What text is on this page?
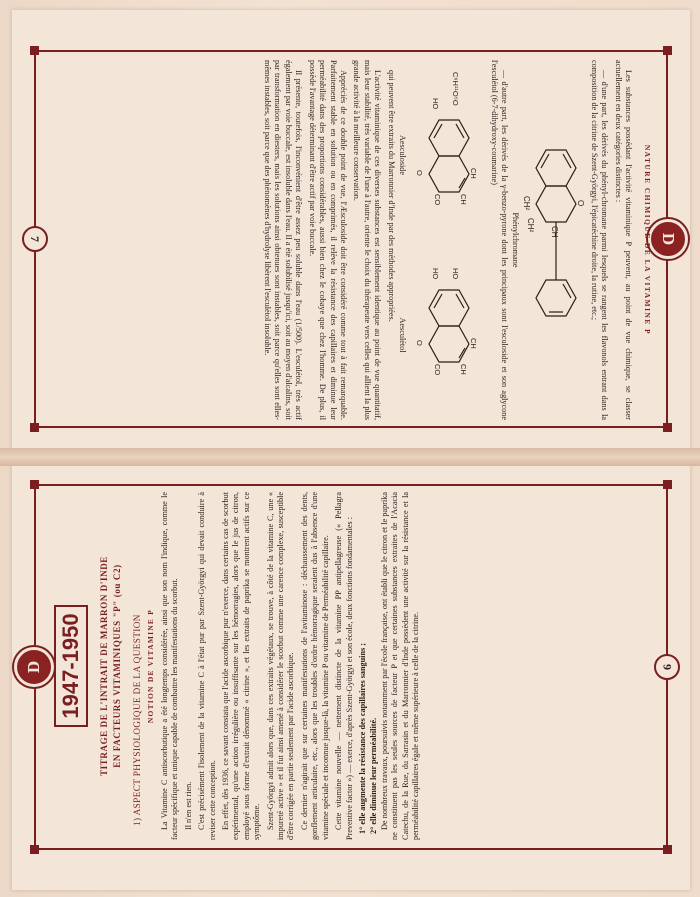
D
7	NATURE CHIMIQUE DE LA VITAMINE P

Les substances possédant l'activité vitaminique P peuvent, au point de vue chimique, se classer actuellement en deux catégories distinctes :

— d'une part, les dérivés du phényl-chromane parmi lesquels se rangent les flavonols entrant dans la composition de la citrine de Szent-Györgyi, l'épicatéchine droite, la rutine, etc.;

O
CH
CH²
CH²
Phénylchromane

— d'autre part, les dérivés de la γ-benzo-pyrone dont les principaux sont l'esculoside et son aglycone l'esculétol (6-7-dihydroxy-coumarine)

C⁶H¹¹O⁵O
HO
CH
CH
CO
O
Aesculoside
HO
HO
CH
CH
CO
O
Aesculétol

qui peuvent être extraits du Marronnier d'Inde par des méthodes appropriées.

L'activité vitaminique de ces diverses substances est sensiblement identique au point de vue quantitatif, mais leur stabilité, très variable de l'une à l'autre, oriente le choix du thérapeute vers celles qui allient la plus grande activité à la meilleure conservation.

Appréciés de ce double point de vue, l'Æsculoside doit être considéré comme tout à fait remarquable. Parfaitement stable en solution ou en comprimés, il relève la résistance des capillaires et diminue leur perméabilité dans des proportions considérables, aussi bien chez le cobaye que chez l'homme. De plus, il possède l'avantage déterminant d'être actif par voie buccale.

Il présente, toutefois, l'inconvénient d'être assez peu soluble dans l'eau (1/500). L'esculétol, très actif également par voie buccale, est insoluble dans l'eau. Il a été solubilisé jusqu'ici, soit au moyen d'alcalins, soit par transformation en diesters, mais les solutions ainsi obtenues sont instables, soit parce qu'elles sont elles-mêmes instables, soit parce que des phénomènes d'hydrolyse libèrent l'esculétol insoluble.

D	6
1947-1950	TITRAGE DE L'INTRAIT DE MARRON D'INDE EN FACTEURS VITAMINIQUES "P" (ou C2) 1) ASPECT PHYSIOLOGIQUE DE LA QUESTION NOTION DE VITAMINE P La Vitamine C antiscorbutique a été longtemps considérée, ainsi que son nom l'indique, comme le facteur spécifique et unique capable de combattre les manifestations du scorbut. Il n'en est rien. C'est précisément l'isolement de la vitamine C à l'état pur par Szent-Györgyi qui devait conduire à reviser cette conception. En effet, dès 1936, ce savant constata que l'acide ascorbique pur n'exerce, dans certains cas de scorbut expérimental, qu'une action irrégulière ou insuffisante sur les hémorragies, alors que le jus de citron, employé sous forme d'extrait dénommé « citrine », et les extraits de paprika se montrent actifs sur ce symptôme. Szent-Györgyi admit alors que, dans ces extraits végétaux, se trouve, à côté de la vitamine C, une « impureté active » et il fut ainsi amené à considérer le scorbut comme une carence complexe, susceptible d'être corrigée en partie seulement par l'acide ascorbique. Ce dernier n'agirait que sur certaines manifestations de l'avitaminose : déchaussement des dents, gonflement articulaire, etc., alors que les troubles d'ordre hémorragique seraient dus à l'absence d'une vitamine spéciale et inconnue jusque-là, la vitamine P ou vitamine de Perméabilité capillaire. Cette vitamine nouvelle — nettement distincte de la vitamine PP antipellagreuse (« Pellagra Preventive factor ») — exerce, d'après Szent-Györgyi et son école, deux fonctions fondamentales : 1° elle augmente la résistance des capillaires sanguins ; 2° elle diminue leur perméabilité. De nombreux travaux, poursuivis notamment par l'école française, ont établi que le citron et le paprika ne constituent pas les seules sources de facteur P et que certaines substances extraites de l'Acacia Catechu, de la Rue, du Sarrasin et du Marronnier d'Inde possèdent une activité sur la résistance et la perméabilité capillaires égale et même supérieure à celle de la citrine.
